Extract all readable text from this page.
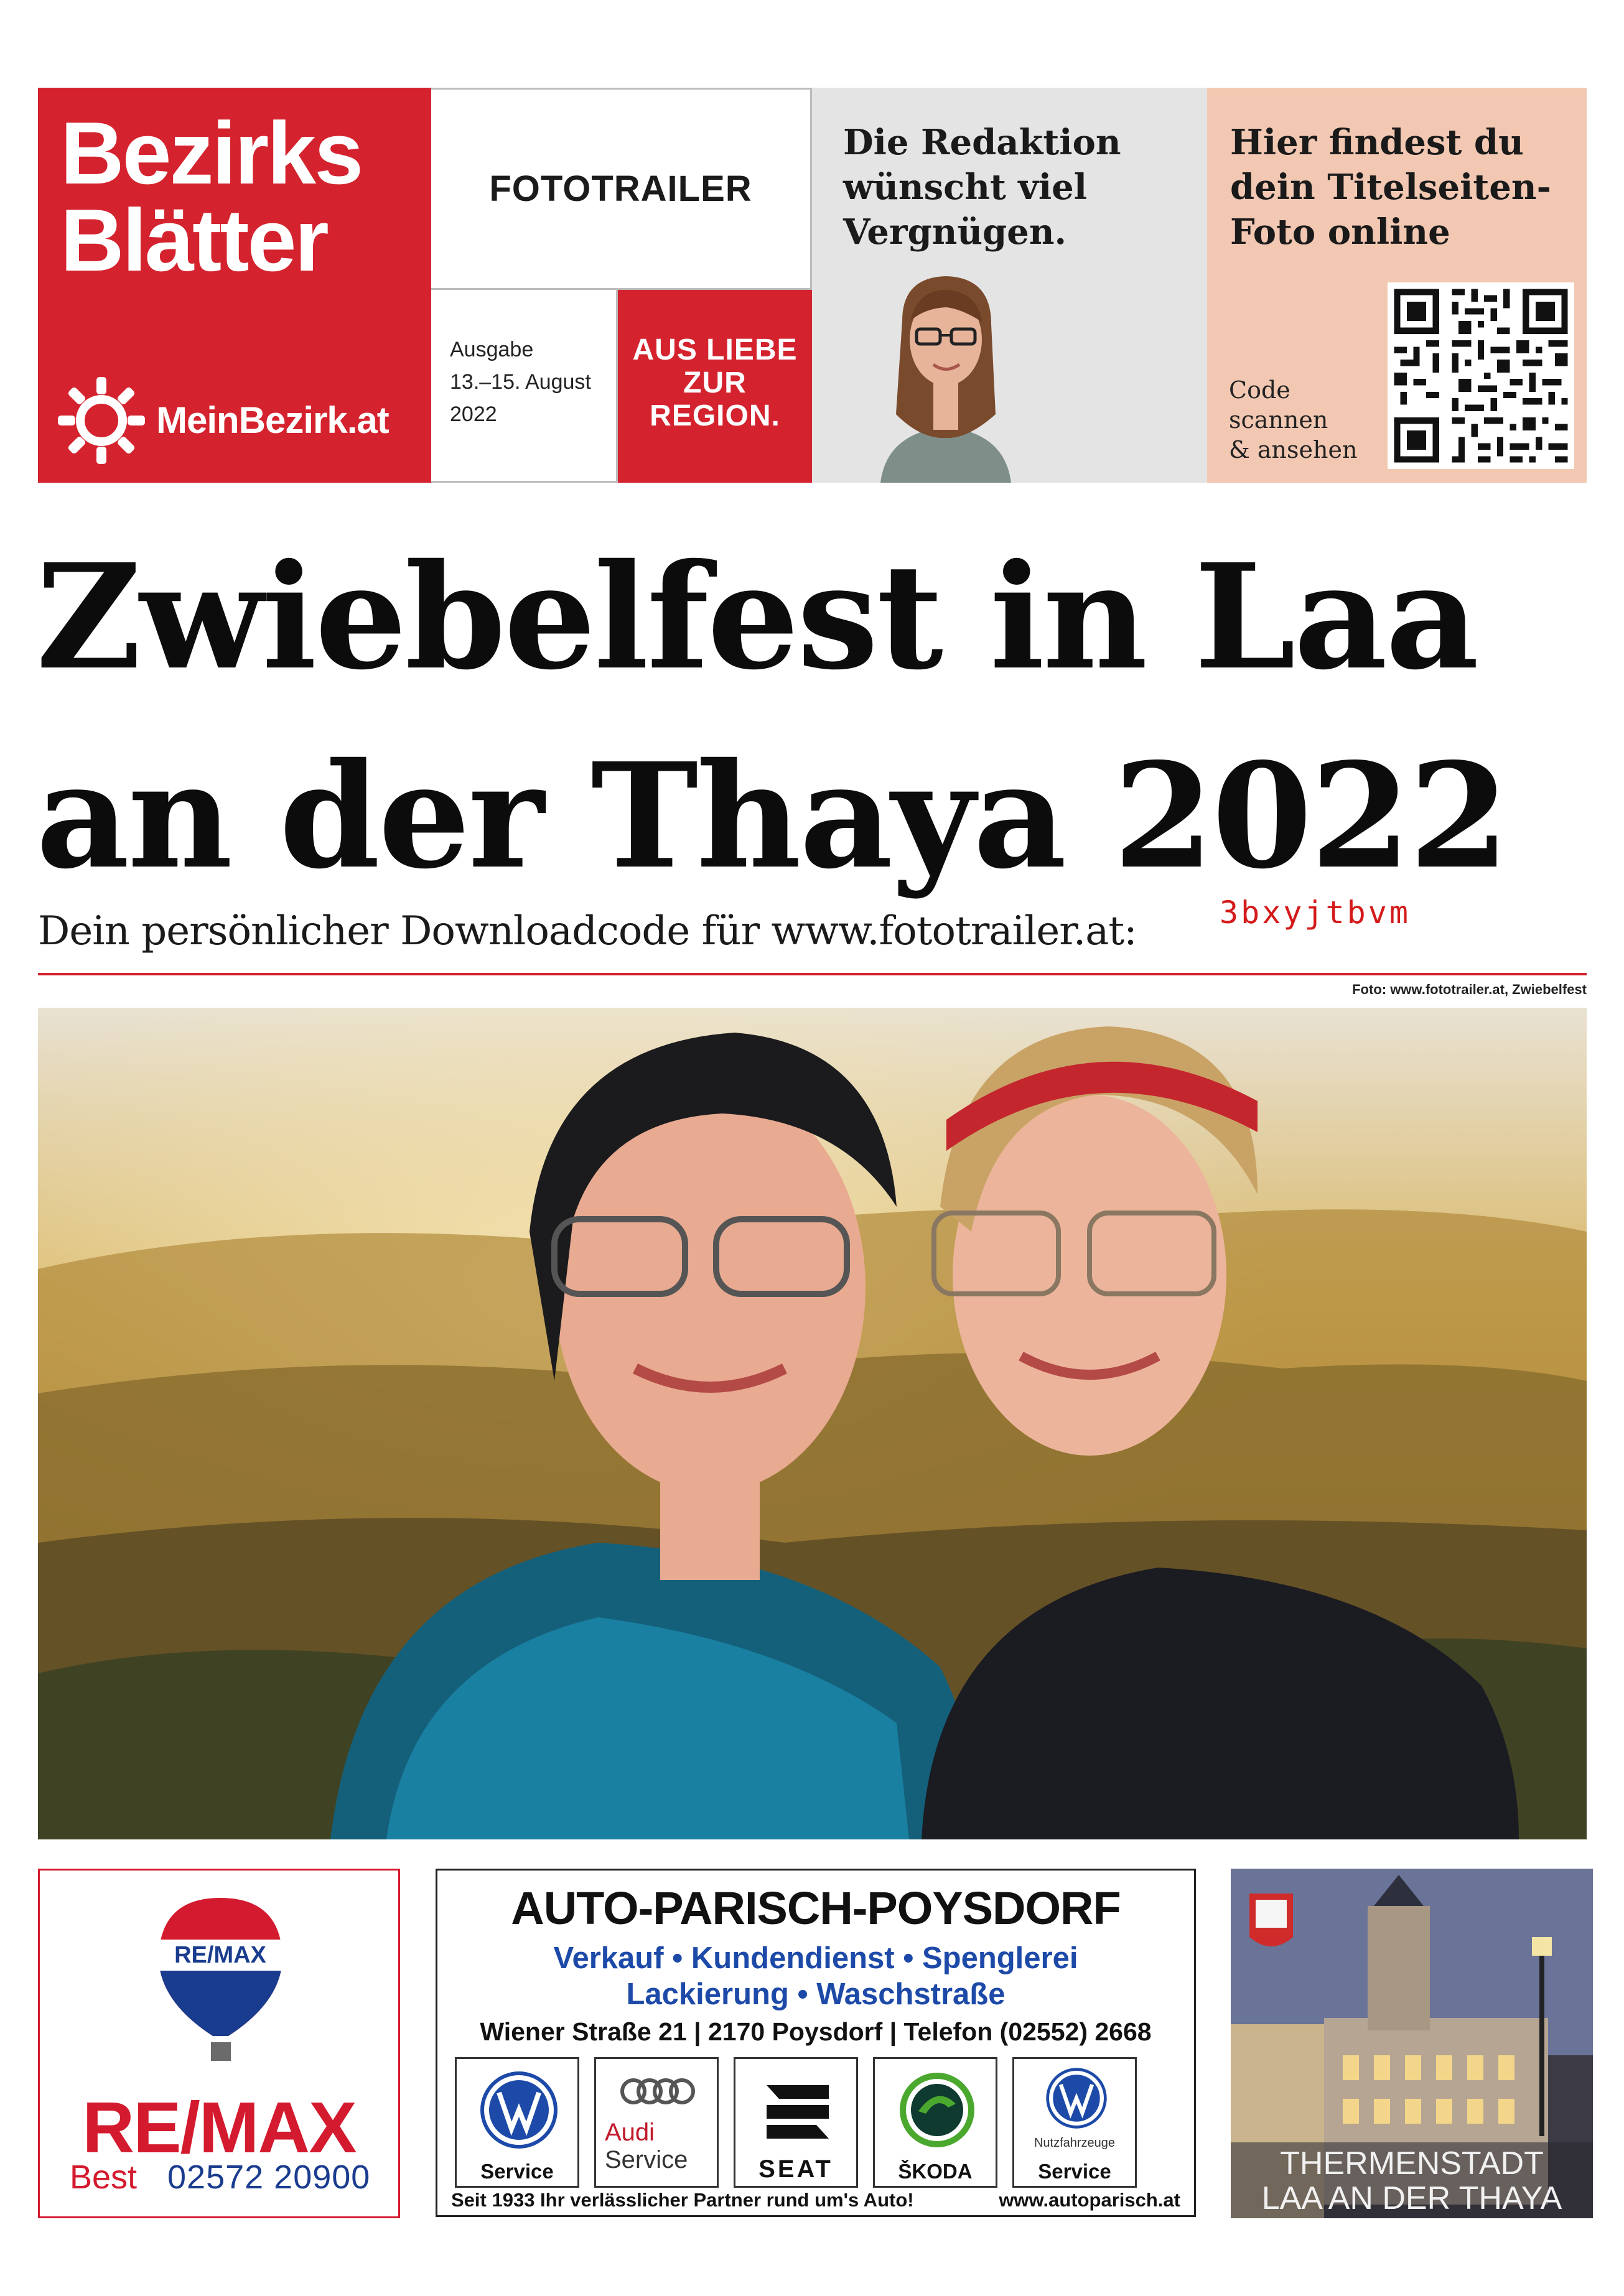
Bezirks
Blätter
MeinBezirk.at
FOTOTRAILER
Ausgabe
13.–15. August
2022
AUS LIEBE
ZUR
REGION.
Die Redaktion
wünscht viel
Vergnügen.
Hier findest du
dein Titelseiten-
Foto online
Code
scannen
& ansehen
Zwiebelfest in Laa
an der Thaya 2022
Dein persönlicher Downloadcode für www.fototrailer.at:	3bxyjtbvm
Foto: www.fototrailer.at, Zwiebelfest
RE/MAX
RE/MAX
Best 02572 20900
AUTO-PARISCH-POYSDORF
Verkauf • Kundendienst • Spenglerei
Lackierung • Waschstraße
Wiener Straße 21 | 2170 Poysdorf | Telefon (02552) 2668
Service
Audi
Service	SEAT	ŠKODA
Nutzfahrzeuge
Service
Seit 1933 Ihr verlässlicher Partner rund um's Auto!	www.autoparisch.at
THERMENSTADT
LAA AN DER THAYA
